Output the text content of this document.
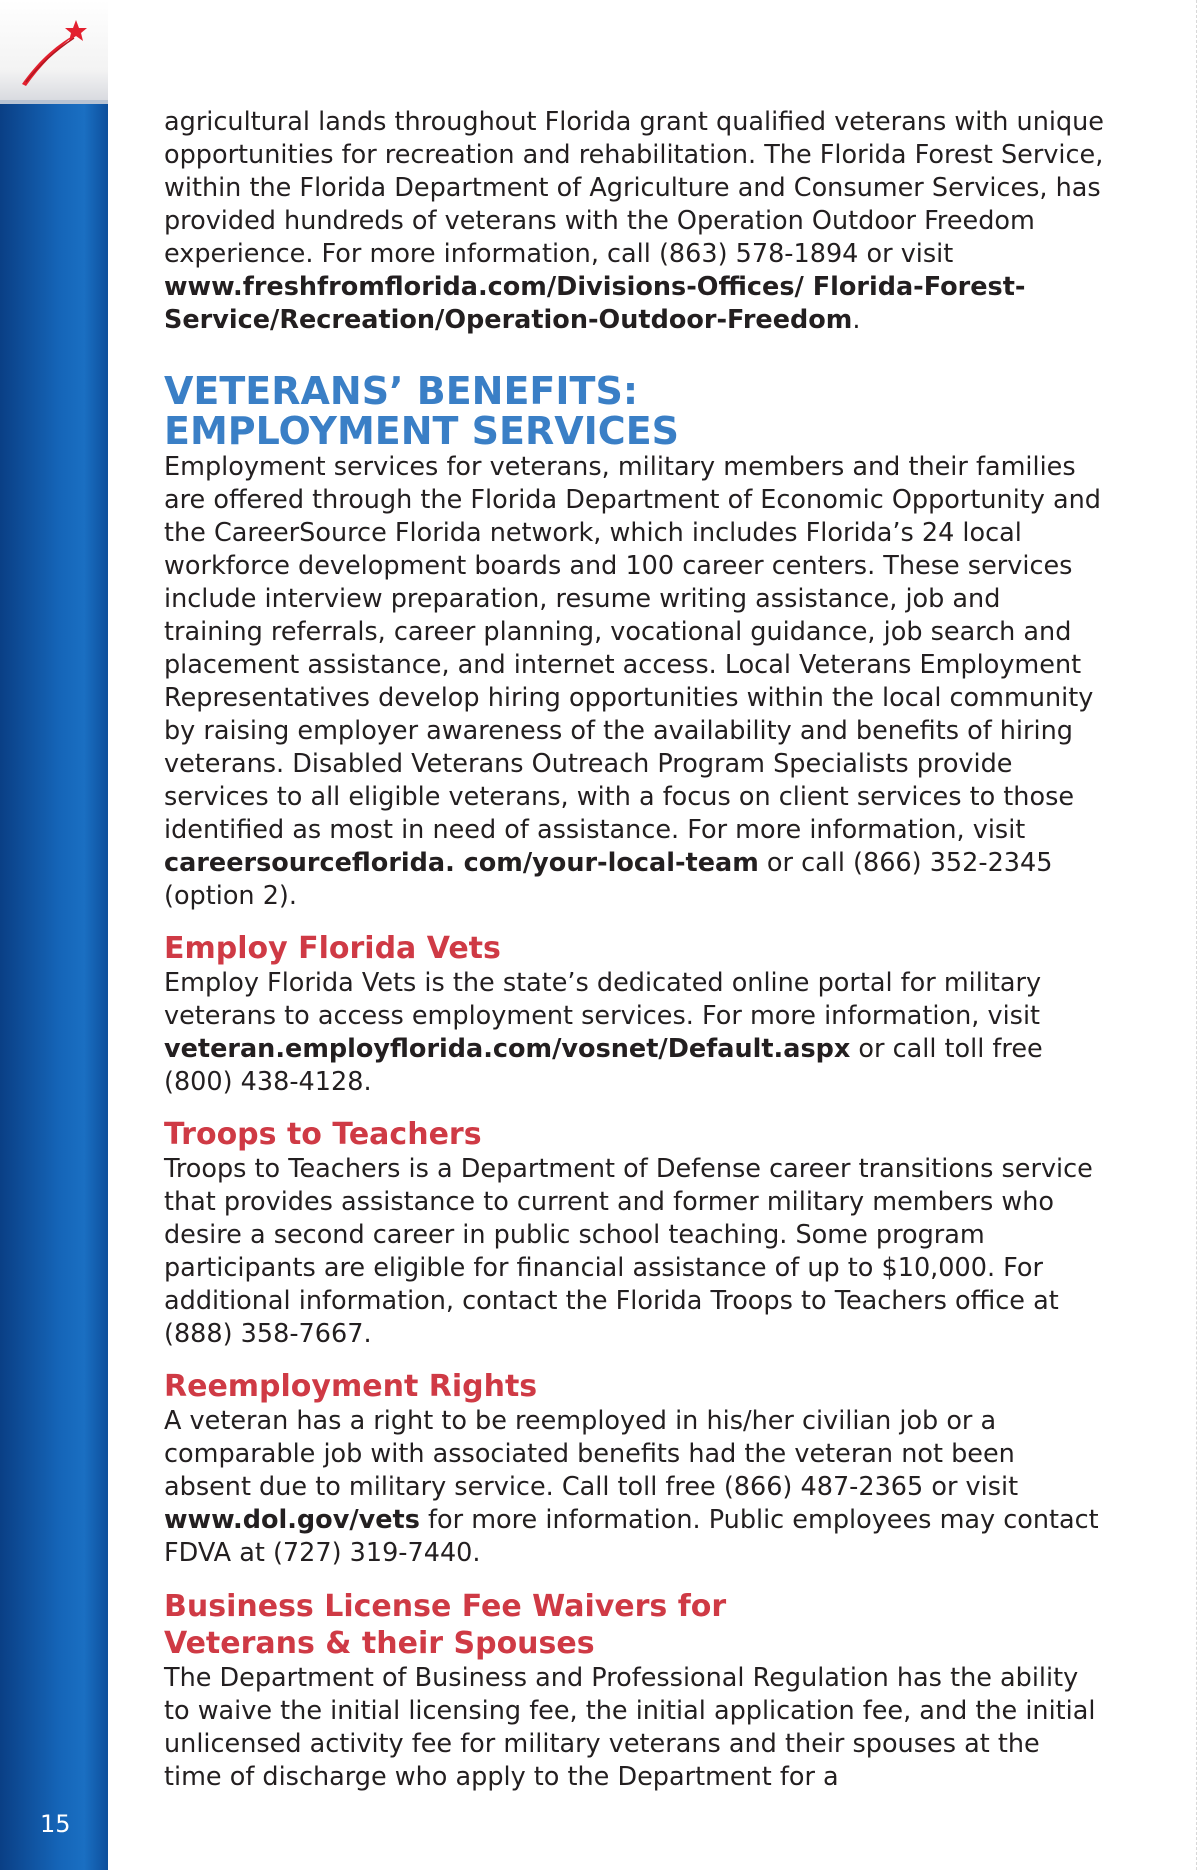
15

agricultural lands throughout Florida grant qualified veterans with unique opportunities for recreation and rehabilitation. The Florida Forest Service, within the Florida Department of Agriculture and Consumer Services, has provided hundreds of veterans with the Operation Outdoor Freedom experience. For more information, call (863) 578-1894 or visit www.freshfromflorida.com/Divisions-Offices/ Florida-Forest-Service/Recreation/Operation-Outdoor-Freedom.

VETERANS’ BENEFITS:
EMPLOYMENT SERVICES

Employment services for veterans, military members and their families are offered through the Florida Department of Economic Opportunity and the CareerSource Florida network, which includes Florida’s 24 local workforce development boards and 100 career centers. These services include interview preparation, resume writing assistance, job and training referrals, career planning, vocational guidance, job search and placement assistance, and internet access. Local Veterans Employment Representatives develop hiring opportunities within the local community by raising employer awareness of the availability and benefits of hiring veterans. Disabled Veterans Outreach Program Specialists provide services to all eligible veterans, with a focus on client services to those identified as most in need of assistance. For more information, visit careersourceflorida. com/your-local-team or call (866) 352-2345 (option 2).

Employ Florida Vets

Employ Florida Vets is the state’s dedicated online portal for military veterans to access employment services. For more information, visit veteran.employflorida.com/vosnet/Default.aspx or call toll free (800) 438-4128.

Troops to Teachers

Troops to Teachers is a Department of Defense career transitions service that provides assistance to current and former military members who desire a second career in public school teaching. Some program participants are eligible for financial assistance of up to $10,000. For additional information, contact the Florida Troops to Teachers office at (888) 358-7667.

Reemployment Rights

A veteran has a right to be reemployed in his/her civilian job or a comparable job with associated benefits had the veteran not been absent due to military service. Call toll free (866) 487-2365 or visit www.dol.gov/vets for more information. Public employees may contact FDVA at (727) 319-7440.

Business License Fee Waivers for
Veterans & their Spouses

The Department of Business and Professional Regulation has the ability to waive the initial licensing fee, the initial application fee, and the initial unlicensed activity fee for military veterans and their spouses at the time of discharge who apply to the Department for a
